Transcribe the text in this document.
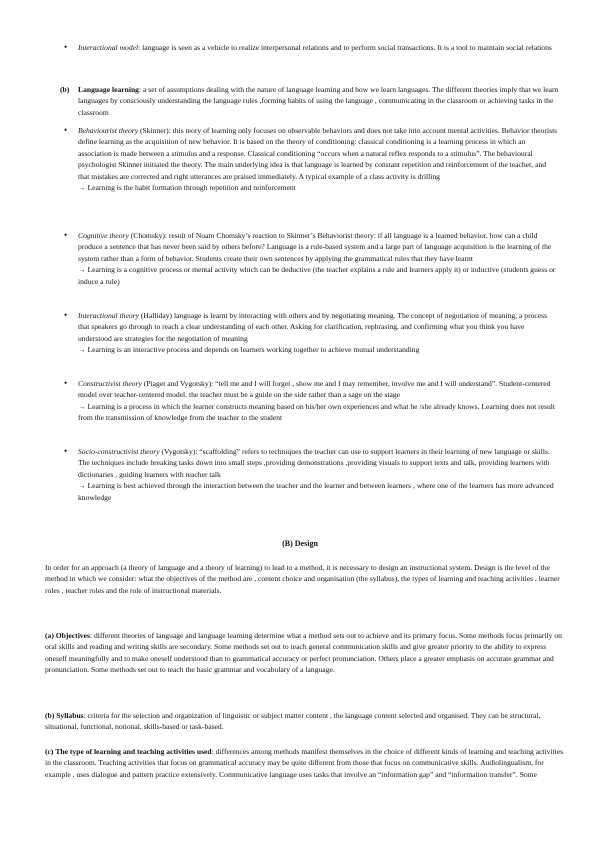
• Interactional model: language is seen as a vehicle to realize interpersonal relations and to perform social transactions. It is a tool to maintain social relations
(b) Language learning: a set of assumptions dealing with the nature of language learning and how we learn languages. The different theories imply that we learn languages by consciously understanding the language rules ,forming habits of using the language , communicating in the classroom or achieving tasks in the classroom
• Behaviourist theory (Skinner): this teory of learning only focuses on observable behaviors and does not take into account mental activities. Behavior theorists define learning as the acquisition of new behavior. It is based on the theory of conditioning: classical conditioning is a learning process in which an association is made between a stimulus and a response. Classical conditioning “occurs when a natural reflex responds to a stimulus”. The behavioural psychologist Skinner initiated the theory. The main underlying idea is that language is learned by constant repetition and reinforcement of the teacher, and that mistakes are corrected and right utterances are praised immediately. A typical example of a class activity is drilling
→ Learning is the habit formation through repetition and reinforcement
• Cognitive theory (Chomsky): result of Noam Chomsky’s reaction to Skinner’s Behaviorist theory: if all language is a learned behavior, how can a child produce a sentence that has never been said by others before? Language is a rule-based system and a large part of language acquisition is the learning of the system rather than a form of behavior. Students create their own sentences by applying the grammatical rules that they have learnt
→ Learning is a cognitive process or mental activity which can be deductive (the teacher explains a rule and learners apply it) or inductive (students guess or induce a rule)
• Interactional theory (Halliday) language is learnt by interacting with others and by negotiating meaning. The concept of negotiation of meaning, a process that speakers go through to reach a clear understanding of each other. Asking for clarification, rephrasing, and confirming what you think you have understood are strategies for the negotiation of meaning
→ Learning is an interactive process and depends on learners working together to achieve mutual understanding
• Constructivist theory (Piaget and Vygotsky): “tell me and I will forget , show me and I may remember, involve me and I will understand”. Student-centered model over teacher-centered model. the teacher must be a guide on the side rather than a sage on the stage
→ Learning is a process in which the learner constructs meaning based on his/her own experiences and what he /she already knows. Learning does not result from the transmission of knowledge from the teacher to the student
• Socio-constructivist theory (Vygotsky): “scaffolding” refers to techniques the teacher can use to support learners in their learning of new language or skills. The techniques include breaking tasks down into small steps ,providing demonstrations ,providing visuals to support texts and talk, providing learners with dictionaries , guiding learners with teacher talk
→ Learning is best achieved through the interaction between the teacher and the learner and between learners , where one of the learners has more advanced knowledge
(B) Design
In order for an approach (a theory of language and a theory of learning) to lead to a method, it is necessary to design an instructional system. Design is the level of the method in which we consider: what the objectives of the method are , content choice and organisation (the syllabus), the types of learning and teaching activities , learner roles , teacher roles and the role of instructional materials.
(a) Objectives: different theories of language and language learning determine what a method sets out to achieve and its primary focus. Some methods focus primarily on oral skills and reading and writing skills are secondary. Some methods set out to teach general communication skills and give greater priority to the ability to express oneself meaningfully and to make oneself understood than to grammatical accuracy or perfect pronunciation. Others place a greater emphasis on accurate grammar and pronunciation. Some methods set out to teach the basic grammar and vocabulary of a language.
(b) Syllabus: criteria for the selection and organization of linguistic or subject matter content , the language content selected and organised. They can be structural, situational, functional, notional, skills-based or task-based.
(c) The type of learning and teaching activities used: differences among methods manifest themselves in the choice of different kinds of learning and teaching activities in the classroom. Teaching activities that focus on grammatical accuracy may be quite different from those that focus on communicative skills. Audiolingualism, for example , uses dialogue and pattern practice extensively. Communicative language uses tasks that involve an “information gap” and “information transfer”. Some
